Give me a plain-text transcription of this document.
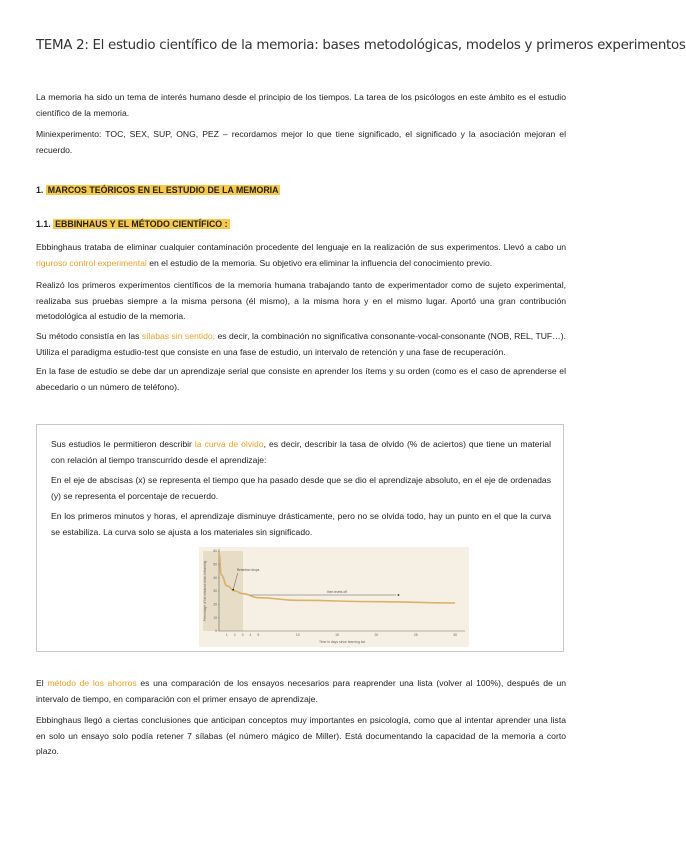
TEMA 2: El estudio científico de la memoria: bases metodológicas, modelos y primeros experimentos
La memoria ha sido un tema de interés humano desde el principio de los tiempos. La tarea de los psicólogos en este ámbito es el estudio científico de la memoria.
Miniexperimento: TOC, SEX, SUP, ONG, PEZ – recordamos mejor lo que tiene significado, el significado y la asociación mejoran el recuerdo.
1. MARCOS TEÓRICOS EN EL ESTUDIO DE LA MEMORIA
1.1. EBBINHAUS Y EL MÉTODO CIENTÍFICO :
Ebbinghaus trataba de eliminar cualquier contaminación procedente del lenguaje en la realización de sus experimentos. Llevó a cabo un riguroso control experimental en el estudio de la memoria. Su objetivo era eliminar la influencia del conocimiento previo.
Realizó los primeros experimentos científicos de la memoria humana trabajando tanto de experimentador como de sujeto experimental, realizaba sus pruebas siempre a la misma persona (él mismo), a la misma hora y en el mismo lugar. Aportó una gran contribución metodológica al estudio de la memoria.
Su método consistía en las sílabas sin sentido, es decir, la combinación no significativa consonante-vocal-consonante (NOB, REL, TUF…). Utiliza el paradigma estudio-test que consiste en una fase de estudio, un intervalo de retención y una fase de recuperación.
En la fase de estudio se debe dar un aprendizaje serial que consiste en aprender los ítems y su orden (como es el caso de aprenderse el abecedario o un número de teléfono).
Sus estudios le permitieron describir la curva de olvido, es decir, describir la tasa de olvido (% de aciertos) que tiene un material con relación al tiempo transcurrido desde el aprendizaje:
En el eje de abscisas (x) se representa el tiempo que ha pasado desde que se dio el aprendizaje absoluto, en el eje de ordenadas (y) se representa el porcentaje de recuerdo.
En los primeros minutos y horas, el aprendizaje disminuye drásticamente, pero no se olvida todo, hay un punto en el que la curva se estabiliza. La curva solo se ajusta a los materiales sin significado.
0
10
20
30
40
50
60
1 2 3 4 5	10	15	20	25	30
Retention drops.
then levels off
Percentage of list retained when relearning
Time in days since learning list
El método de los ahorros es una comparación de los ensayos necesarios para reaprender una lista (volver al 100%), después de un intervalo de tiempo, en comparación con el primer ensayo de aprendizaje.
Ebbinghaus llegó a ciertas conclusiones que anticipan conceptos muy importantes en psicología, como que al intentar aprender una lista en solo un ensayo solo podía retener 7 sílabas (el número mágico de Miller). Está documentando la capacidad de la memoria a corto plazo.
